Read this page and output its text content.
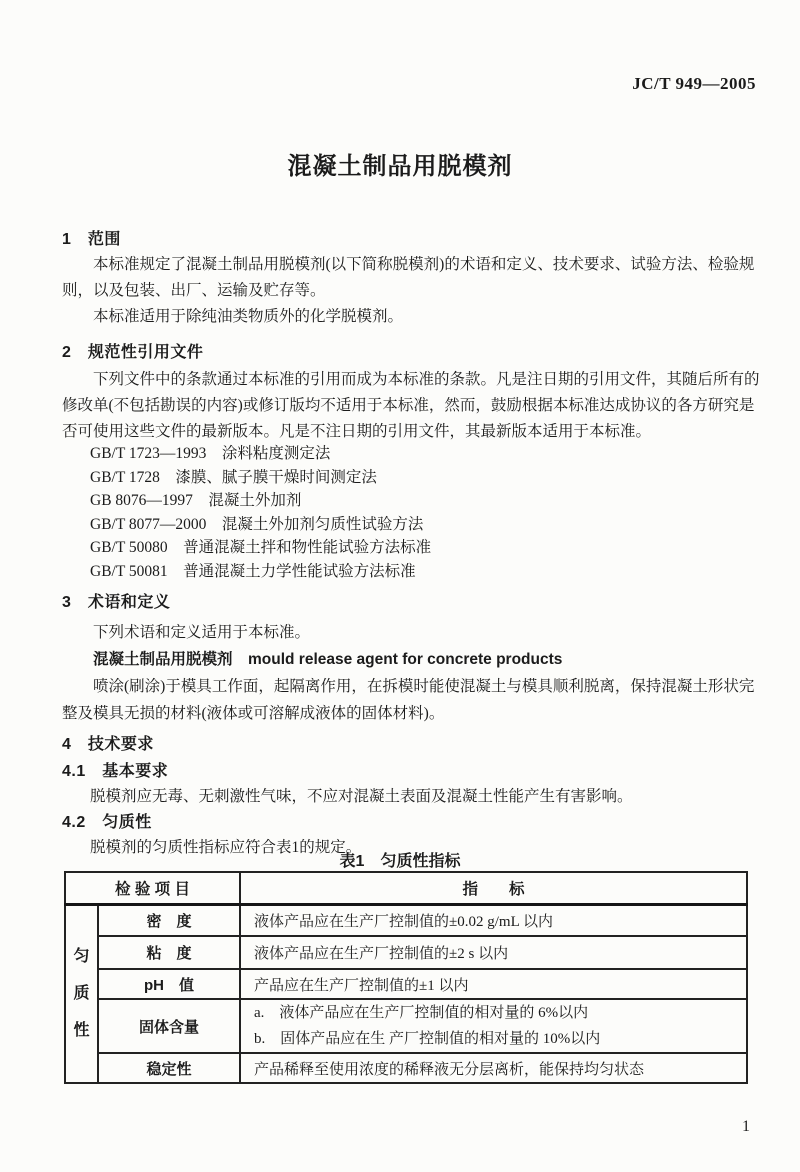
JC/T 949—2005
混凝土制品用脱模剂
1　范围
本标准规定了混凝土制品用脱模剂(以下简称脱模剂)的术语和定义、技术要求、试验方法、检验规
则，以及包装、出厂、运输及贮存等。
本标准适用于除纯油类物质外的化学脱模剂。
2　规范性引用文件
下列文件中的条款通过本标准的引用而成为本标准的条款。凡是注日期的引用文件，其随后所有的
修改单(不包括勘误的内容)或修订版均不适用于本标准，然而，鼓励根据本标准达成协议的各方研究是
否可使用这些文件的最新版本。凡是不注日期的引用文件，其最新版本适用于本标准。
GB/T 1723—1993　涂料粘度测定法
GB/T 1728　漆膜、腻子膜干燥时间测定法
GB 8076—1997　混凝土外加剂
GB/T 8077—2000　混凝土外加剂匀质性试验方法
GB/T 50080　普通混凝土拌和物性能试验方法标准
GB/T 50081　普通混凝土力学性能试验方法标准
3　术语和定义
下列术语和定义适用于本标准。
混凝土制品用脱模剂　mould release agent for concrete products
喷涂(刷涂)于模具工作面，起隔离作用，在拆模时能使混凝土与模具顺利脱离，保持混凝土形状完
整及模具无损的材料(液体或可溶解成液体的固体材料)。
4　技术要求
4.1　基本要求
脱模剂应无毒、无刺激性气味，不应对混凝土表面及混凝土性能产生有害影响。
4.2　匀质性
脱模剂的匀质性指标应符合表1的规定。
表1　匀质性指标
检 验 项 目		指　　标
匀质性	密　度	液体产品应在生产厂控制值的±0.02 g/mL 以内
	粘　度	液体产品应在生产厂控制值的±2 s 以内
	pH　值	产品应在生产厂控制值的±1 以内
	固体含量	a.　液体产品应在生产厂控制值的相对量的 6%以内
b.　固体产品应在生 产厂控制值的相对量的 10%以内

	稳定性	产品稀释至使用浓度的稀释液无分层离析，能保持均匀状态
1
